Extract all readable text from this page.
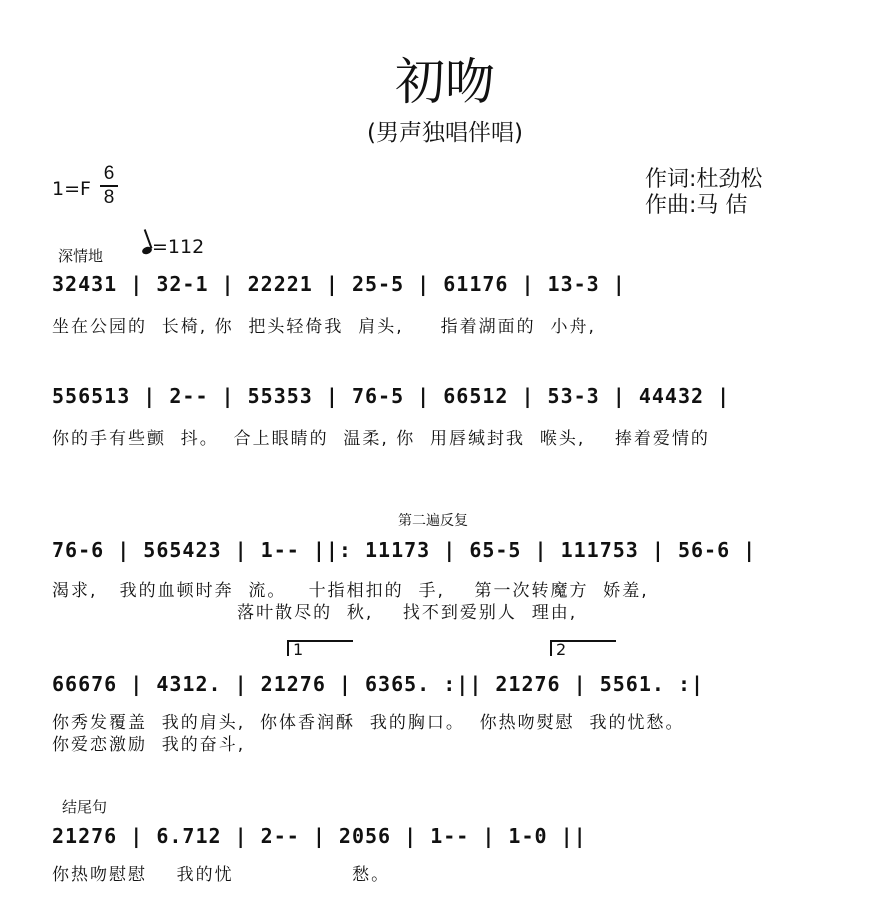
初吻
(男声独唱伴唱)
1=F
6
8
作词:杜劲松
作曲:马 佶
深情地	=112
32431 | 32-1 | 22221 | 25-5 | 61176 | 13-3 |
坐在公园的  长椅, 你  把头轻倚我  肩头,     指着湖面的  小舟,
556513 | 2-- | 55353 | 76-5 | 66512 | 53-3 | 44432 |
你的手有些颤  抖。  合上眼睛的  温柔, 你  用唇缄封我  喉头,    捧着爱情的
第二遍反复
76-6 | 565423 | 1-- ||: 11173 | 65-5 | 111753 | 56-6 |
渴求,   我的血顿时奔  流。   十指相扣的  手,    第一次转魔方  娇羞,
落叶散尽的  秋,    找不到爱别人  理由,
1	2
66676 | 4312. | 21276 | 6365. :|| 21276 | 5561. :|
你秀发覆盖  我的肩头,  你体香润酥  我的胸口。  你热吻熨慰  我的忧愁。
你爱恋激励  我的奋斗,
结尾句
21276 | 6.712 | 2-- | 2056 | 1-- | 1-0 ||
你热吻慰慰    我的忧                愁。
